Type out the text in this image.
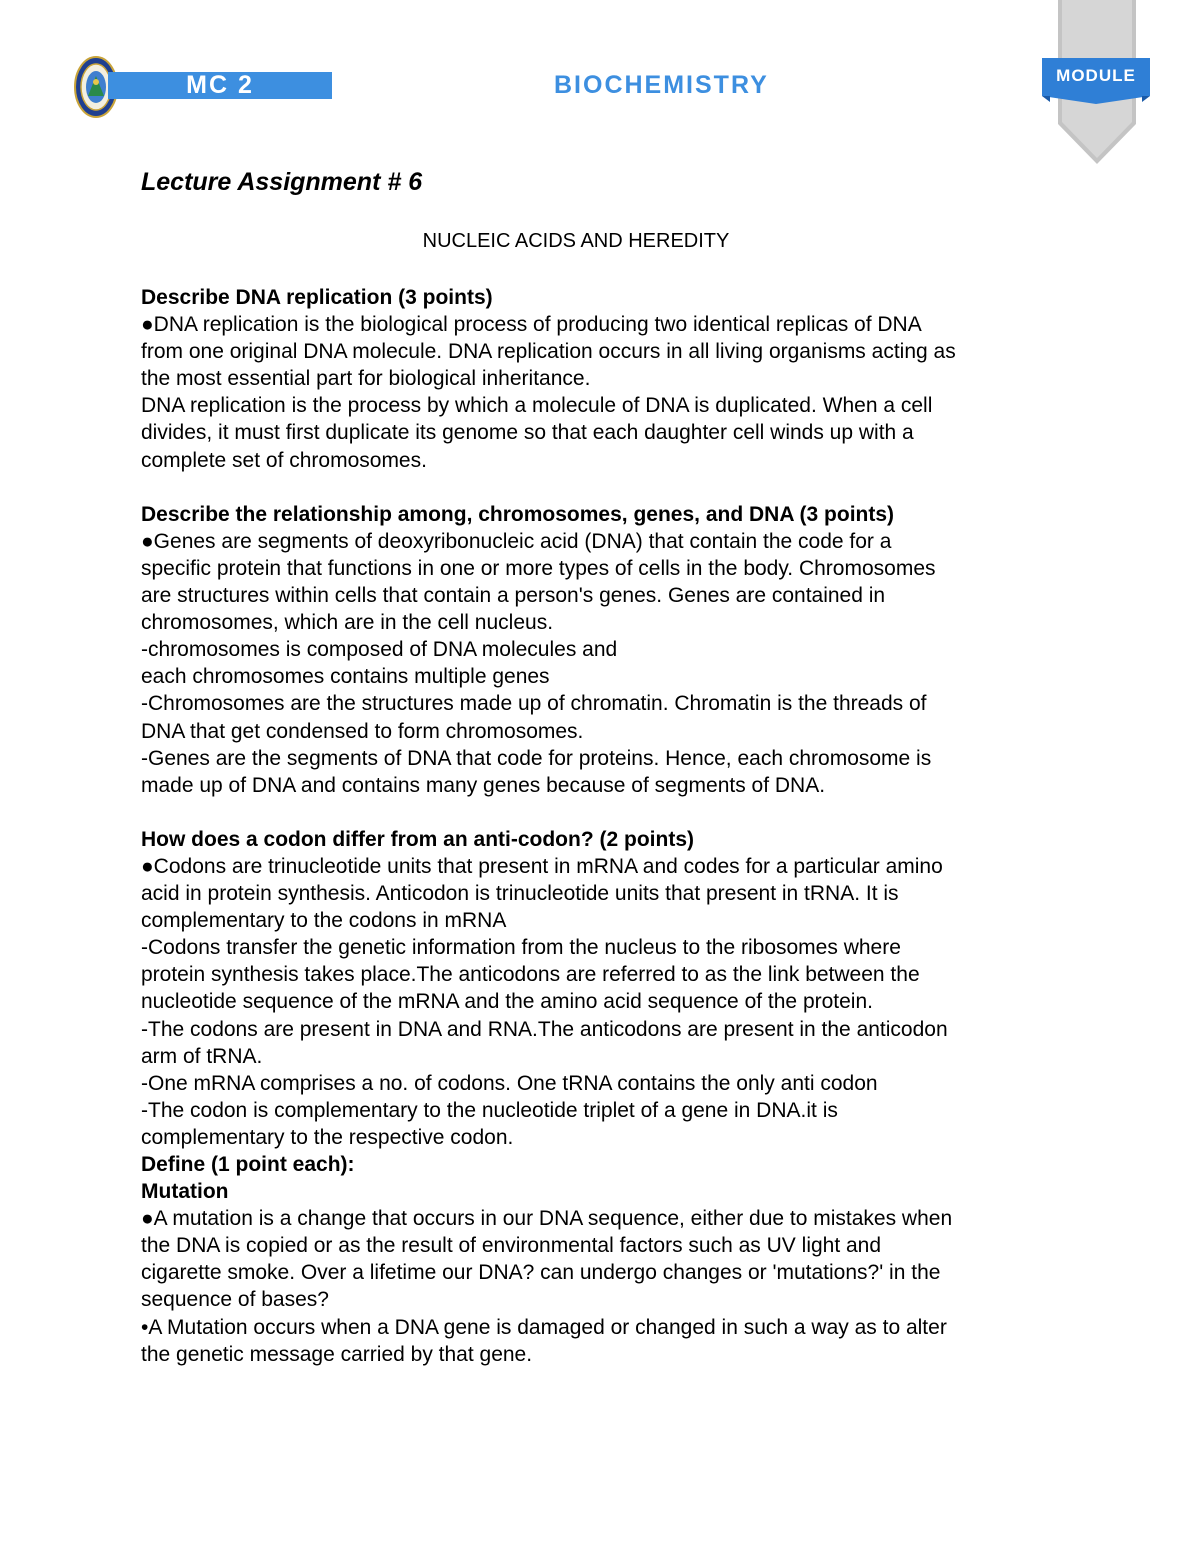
MC 2	BIOCHEMISTRY	MODULE
Lecture Assignment # 6
NUCLEIC ACIDS AND HEREDITY
Describe DNA replication (3 points)
●DNA replication is the biological process of producing two identical replicas of DNA
from one original DNA molecule. DNA replication occurs in all living organisms acting as
the most essential part for biological inheritance.
DNA replication is the process by which a molecule of DNA is duplicated. When a cell
divides, it must first duplicate its genome so that each daughter cell winds up with a
complete set of chromosomes.
Describe the relationship among, chromosomes, genes, and DNA (3 points)
●Genes are segments of deoxyribonucleic acid (DNA) that contain the code for a
specific protein that functions in one or more types of cells in the body. Chromosomes
are structures within cells that contain a person's genes. Genes are contained in
chromosomes, which are in the cell nucleus.
-chromosomes is composed of DNA molecules and
each chromosomes contains multiple genes
-Chromosomes are the structures made up of chromatin. Chromatin is the threads of
DNA that get condensed to form chromosomes.
-Genes are the segments of DNA that code for proteins. Hence, each chromosome is
made up of DNA and contains many genes because of segments of DNA.
How does a codon differ from an anti-codon? (2 points)
●Codons are trinucleotide units that present in mRNA and codes for a particular amino
acid in protein synthesis. Anticodon is trinucleotide units that present in tRNA. It is
complementary to the codons in mRNA
-Codons transfer the genetic information from the nucleus to the ribosomes where
protein synthesis takes place.The anticodons are referred to as the link between the
nucleotide sequence of the mRNA and the amino acid sequence of the protein.
-The codons are present in DNA and RNA.The anticodons are present in the anticodon
arm of tRNA.
-One mRNA comprises a no. of codons. One tRNA contains the only anti codon
-The codon is complementary to the nucleotide triplet of a gene in DNA.it is
complementary to the respective codon.
Define (1 point each):
Mutation
●A mutation is a change that occurs in our DNA sequence, either due to mistakes when
the DNA is copied or as the result of environmental factors such as UV light and
cigarette smoke. Over a lifetime our DNA? can undergo changes or 'mutations?' in the
sequence of bases?
•A Mutation occurs when a DNA gene is damaged or changed in such a way as to alter
the genetic message carried by that gene.
